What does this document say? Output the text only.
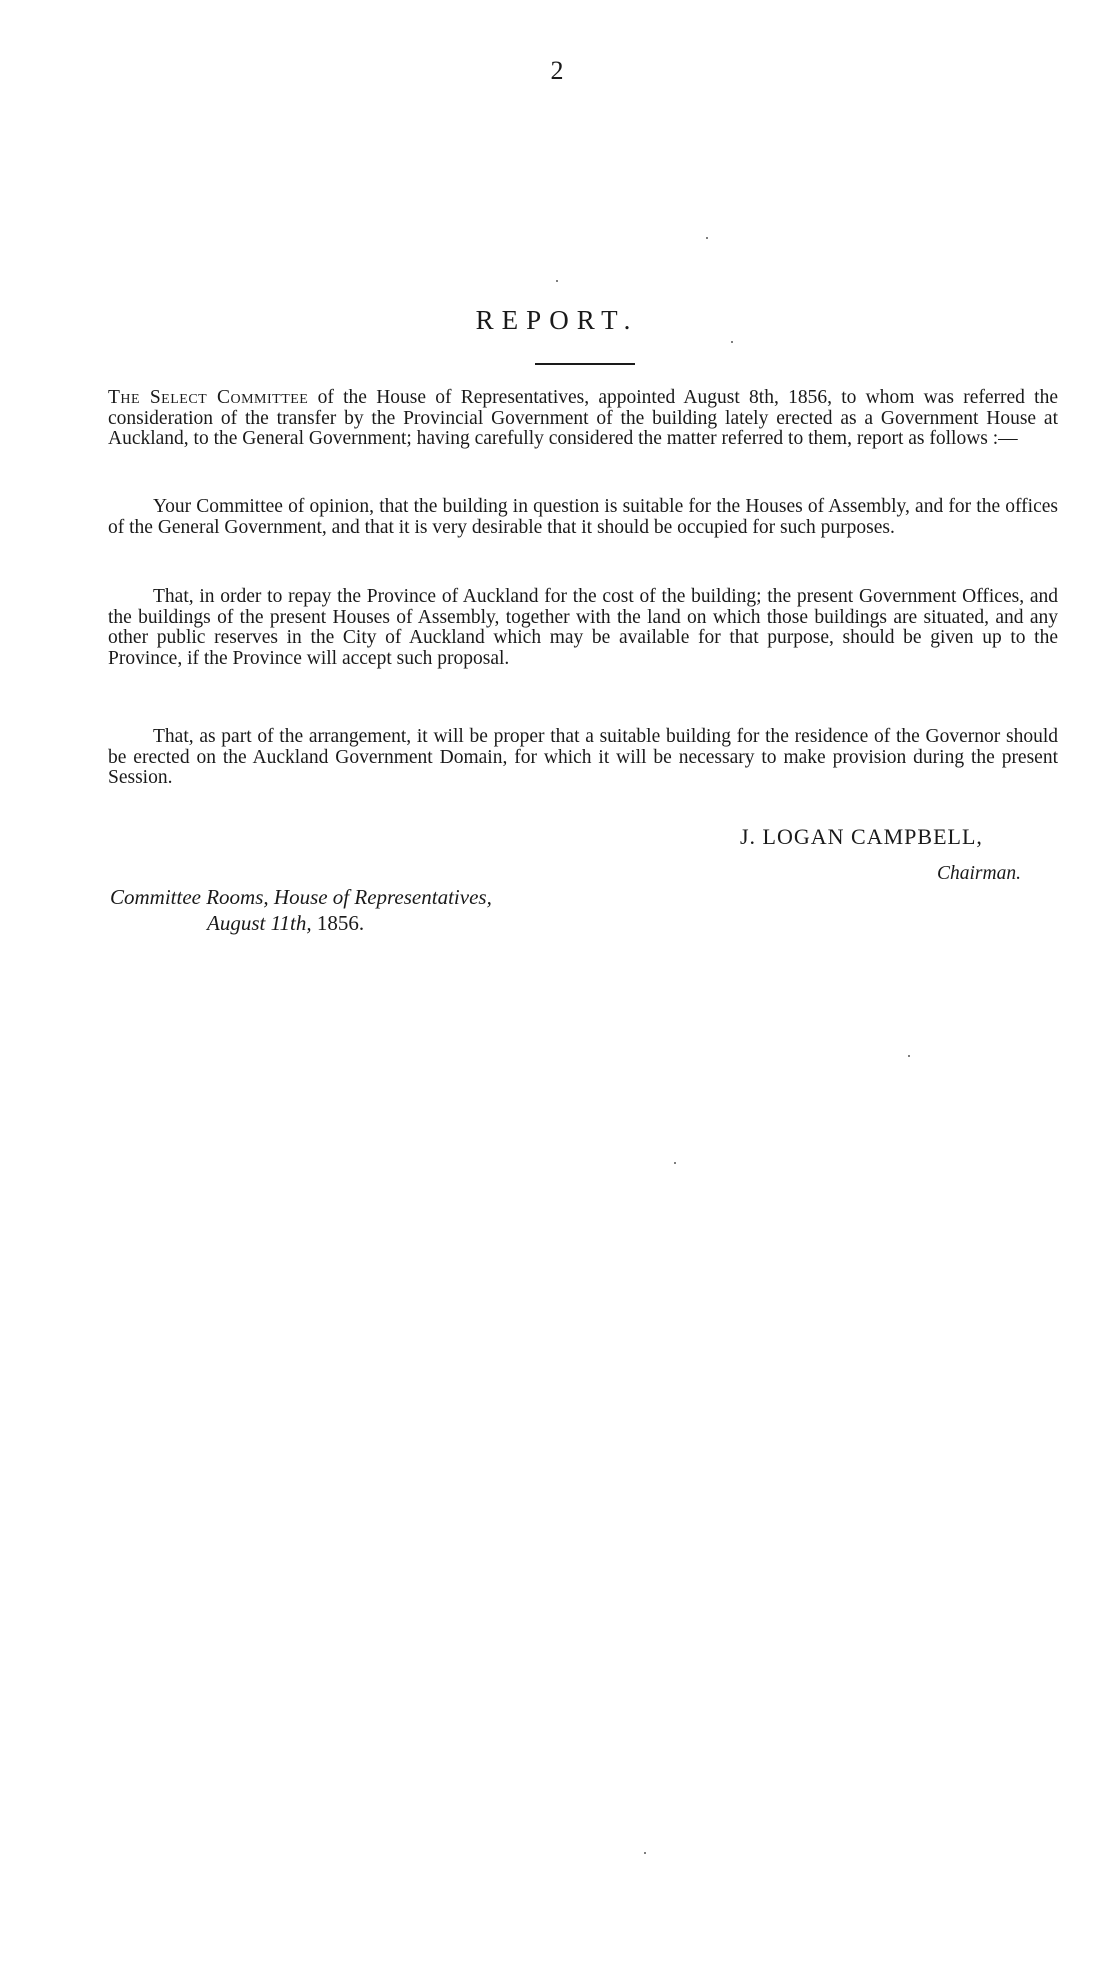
2
REPORT.

The Select Committee of the House of Representatives, appointed August 8th, 1856, to whom was referred the consideration of the transfer by the Provincial Government of the building lately erected as a Government House at Auckland, to the General Government; having carefully considered the matter referred to them, report as follows :—

Your Committee of opinion, that the building in question is suitable for the Houses of Assembly, and for the offices of the General Government, and that it is very desirable that it should be occupied for such purposes.

That, in order to repay the Province of Auckland for the cost of the building; the present Government Offices, and the buildings of the present Houses of Assembly, together with the land on which those buildings are situated, and any other public reserves in the City of Auckland which may be available for that purpose, should be given up to the Province, if the Province will accept such proposal.

That, as part of the arrangement, it will be proper that a suitable building for the residence of the Governor should be erected on the Auckland Government Domain, for which it will be necessary to make provision during the present Session.

J. LOGAN CAMPBELL,
Chairman.
Committee Rooms, House of Representatives,
August 11th, 1856.
